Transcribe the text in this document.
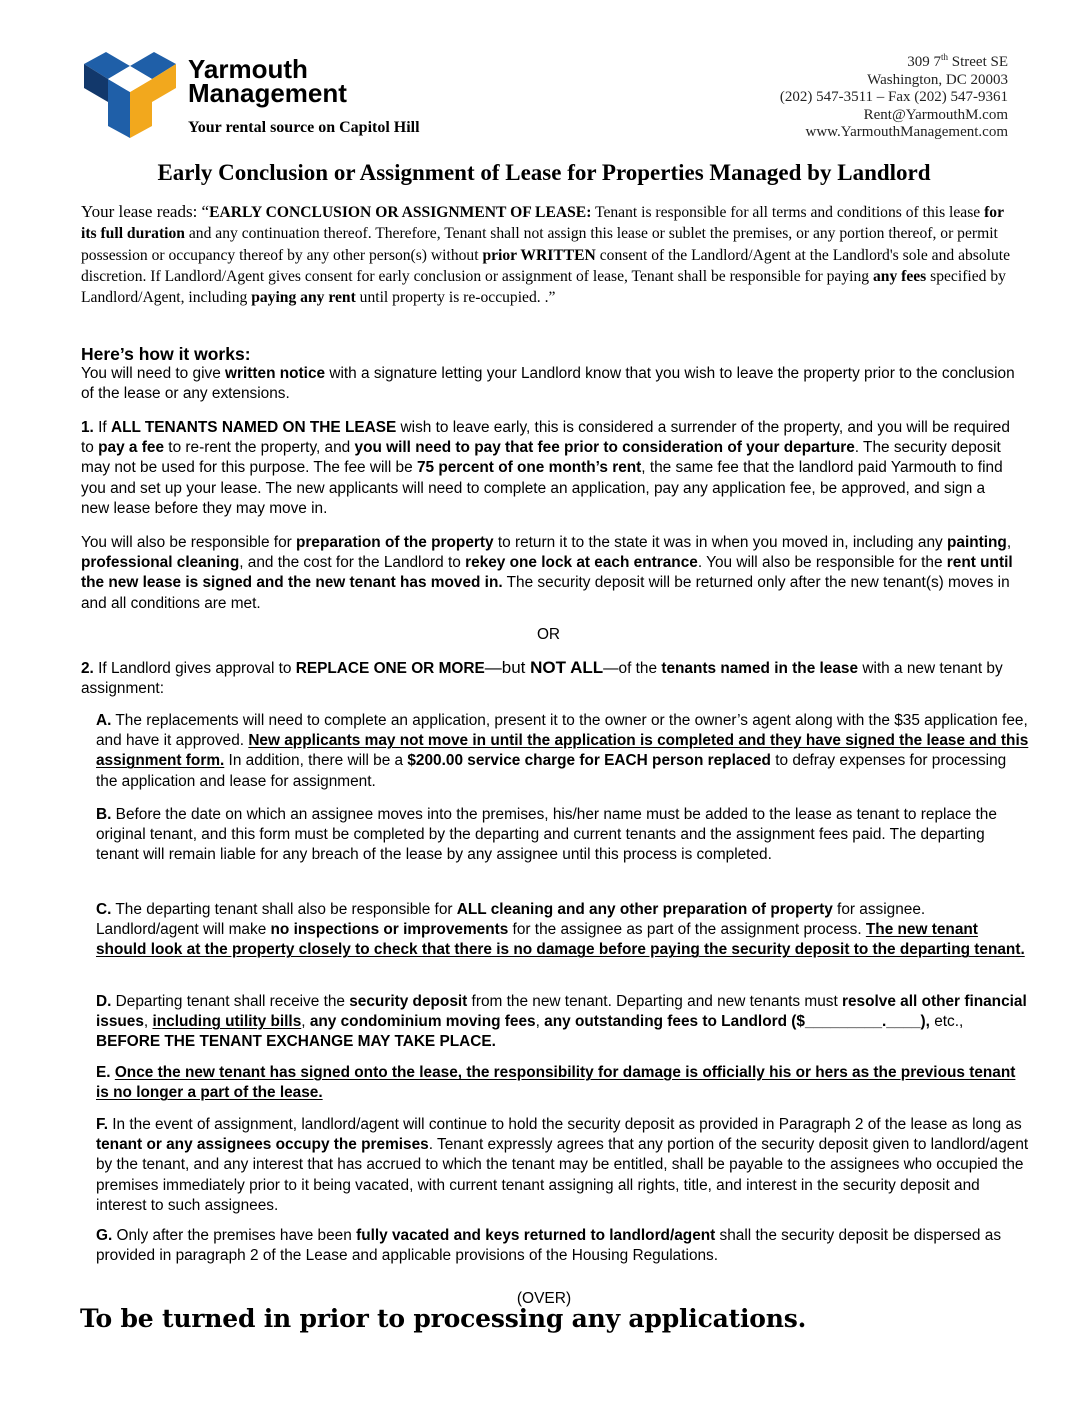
Yarmouth
Management
Your rental source on Capitol Hill
309 7th Street SE
Washington, DC 20003
(202) 547-3511 – Fax (202) 547-9361
Rent@YarmouthM.com
www.YarmouthManagement.com
Early Conclusion or Assignment of Lease for Properties Managed by Landlord
Your lease reads: “EARLY CONCLUSION OR ASSIGNMENT OF LEASE: Tenant is responsible for all terms and conditions of this lease for its full duration and any continuation thereof. Therefore, Tenant shall not assign this lease or sublet the premises, or any portion thereof, or permit possession or occupancy thereof by any other person(s) without prior WRITTEN consent of the Landlord/Agent at the Landlord's sole and absolute discretion. If Landlord/Agent gives consent for early conclusion or assignment of lease, Tenant shall be responsible for paying any fees specified by Landlord/Agent, including paying any rent until property is re-occupied. .”
Here’s how it works:
You will need to give written notice with a signature letting your Landlord know that you wish to leave the property prior to the conclusion of the lease or any extensions.
1. If ALL TENANTS NAMED ON THE LEASE wish to leave early, this is considered a surrender of the property, and you will be required to pay a fee to re-rent the property, and you will need to pay that fee prior to consideration of your departure. The security deposit may not be used for this purpose. The fee will be 75 percent of one month’s rent, the same fee that the landlord paid Yarmouth to find you and set up your lease. The new applicants will need to complete an application, pay any application fee, be approved, and sign a new lease before they may move in.
You will also be responsible for preparation of the property to return it to the state it was in when you moved in, including any painting, professional cleaning, and the cost for the Landlord to rekey one lock at each entrance. You will also be responsible for the rent until the new lease is signed and the new tenant has moved in. The security deposit will be returned only after the new tenant(s) moves in and all conditions are met.
OR
2. If Landlord gives approval to REPLACE ONE OR MORE—but NOT ALL—of the tenants named in the lease with a new tenant by assignment:
A. The replacements will need to complete an application, present it to the owner or the owner’s agent along with the $35 application fee, and have it approved. New applicants may not move in until the application is completed and they have signed the lease and this assignment form. In addition, there will be a $200.00 service charge for EACH person replaced to defray expenses for processing the application and lease for assignment.
B. Before the date on which an assignee moves into the premises, his/her name must be added to the lease as tenant to replace the original tenant, and this form must be completed by the departing and current tenants and the assignment fees paid. The departing tenant will remain liable for any breach of the lease by any assignee until this process is completed.
C. The departing tenant shall also be responsible for ALL cleaning and any other preparation of property for assignee. Landlord/agent will make no inspections or improvements for the assignee as part of the assignment process. The new tenant should look at the property closely to check that there is no damage before paying the security deposit to the departing tenant.
D. Departing tenant shall receive the security deposit from the new tenant. Departing and new tenants must resolve all other financial issues, including utility bills, any condominium moving fees, any outstanding fees to Landlord ($_________.____), etc., BEFORE THE TENANT EXCHANGE MAY TAKE PLACE.
E. Once the new tenant has signed onto the lease, the responsibility for damage is officially his or hers as the previous tenant is no longer a part of the lease.
F. In the event of assignment, landlord/agent will continue to hold the security deposit as provided in Paragraph 2 of the lease as long as tenant or any assignees occupy the premises. Tenant expressly agrees that any portion of the security deposit given to landlord/agent by the tenant, and any interest that has accrued to which the tenant may be entitled, shall be payable to the assignees who occupied the premises immediately prior to it being vacated, with current tenant assigning all rights, title, and interest in the security deposit and interest to such assignees.
G. Only after the premises have been fully vacated and keys returned to landlord/agent shall the security deposit be dispersed as provided in paragraph 2 of the Lease and applicable provisions of the Housing Regulations.
(OVER)
To be turned in prior to processing any applications.
